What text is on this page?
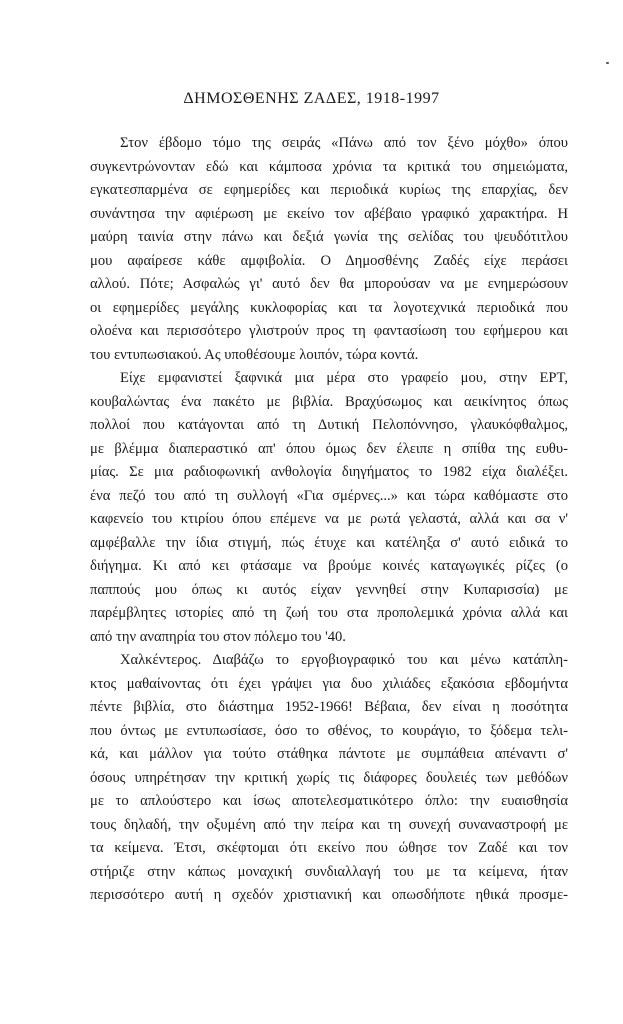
ΔΗΜΟΣΘΕΝΗΣ ΖΑΔΕΣ, 1918-1997

Στον έβδομο τόμο της σειράς «Πάνω από τον ξένο μόχθο» όπου
συγκεντρώνονταν εδώ και κάμποσα χρόνια τα κριτικά του σημειώματα,
εγκατεσπαρμένα σε εφημερίδες και περιοδικά κυρίως της επαρχίας, δεν
συνάντησα την αφιέρωση με εκείνο τον αβέβαιο γραφικό χαρακτήρα. Η
μαύρη ταινία στην πάνω και δεξιά γωνία της σελίδας του ψευδότιτλου
μου αφαίρεσε κάθε αμφιβολία. Ο Δημοσθένης Ζαδές είχε περάσει
αλλού. Πότε; Ασφαλώς γι' αυτό δεν θα μπορούσαν να με ενημερώσουν
οι εφημερίδες μεγάλης κυκλοφορίας και τα λογοτεχνικά περιοδικά που
ολοένα και περισσότερο γλιστρούν προς τη φαντασίωση του εφήμερου και
του εντυπωσιακού. Ας υποθέσουμε λοιπόν, τώρα κοντά.

Είχε εμφανιστεί ξαφνικά μια μέρα στο γραφείο μου, στην ΕΡΤ,
κουβαλώντας ένα πακέτο με βιβλία. Βραχύσωμος και αεικίνητος όπως
πολλοί που κατάγονται από τη Δυτική Πελοπόννησο, γλαυκόφθαλμος,
με βλέμμα διαπεραστικό απ' όπου όμως δεν έλειπε η σπίθα της ευθυ-
μίας. Σε μια ραδιοφωνική ανθολογία διηγήματος το 1982 είχα διαλέξει.
ένα πεζό του από τη συλλογή «Για σμέρνες...» και τώρα καθόμαστε στο
καφενείο του κτιρίου όπου επέμενε να με ρωτά γελαστά, αλλά και σα ν'
αμφέβαλλε την ίδια στιγμή, πώς έτυχε και κατέληξα σ' αυτό ειδικά το
διήγημα. Κι από κει φτάσαμε να βρούμε κοινές καταγωγικές ρίζες (ο
παππούς μου όπως κι αυτός είχαν γεννηθεί στην Κυπαρισσία) με
παρέμβλητες ιστορίες από τη ζωή του στα προπολεμικά χρόνια αλλά και
από την αναπηρία του στον πόλεμο του '40.

Χαλκέντερος. Διαβάζω το εργοβιογραφικό του και μένω κατάπλη-
κτος μαθαίνοντας ότι έχει γράψει για δυο χιλιάδες εξακόσια εβδομήντα
πέντε βιβλία, στο διάστημα 1952-1966! Βέβαια, δεν είναι η ποσότητα
που όντως με εντυπωσίασε, όσο το σθένος, το κουράγιο, το ξόδεμα τελι-
κά, και μάλλον για τούτο στάθηκα πάντοτε με συμπάθεια απέναντι σ'
όσους υπηρέτησαν την κριτική χωρίς τις διάφορες δουλειές των μεθόδων
με το απλούστερο και ίσως αποτελεσματικότερο όπλο: την ευαισθησία
τους δηλαδή, την οξυμένη από την πείρα και τη συνεχή συναναστροφή με
τα κείμενα. Έτσι, σκέφτομαι ότι εκείνο που ώθησε τον Ζαδέ και τον
στήριζε στην κάπως μοναχική συνδιαλλαγή του με τα κείμενα, ήταν
περισσότερο αυτή η σχεδόν χριστιανική και οπωσδήποτε ηθικά προσμε-
